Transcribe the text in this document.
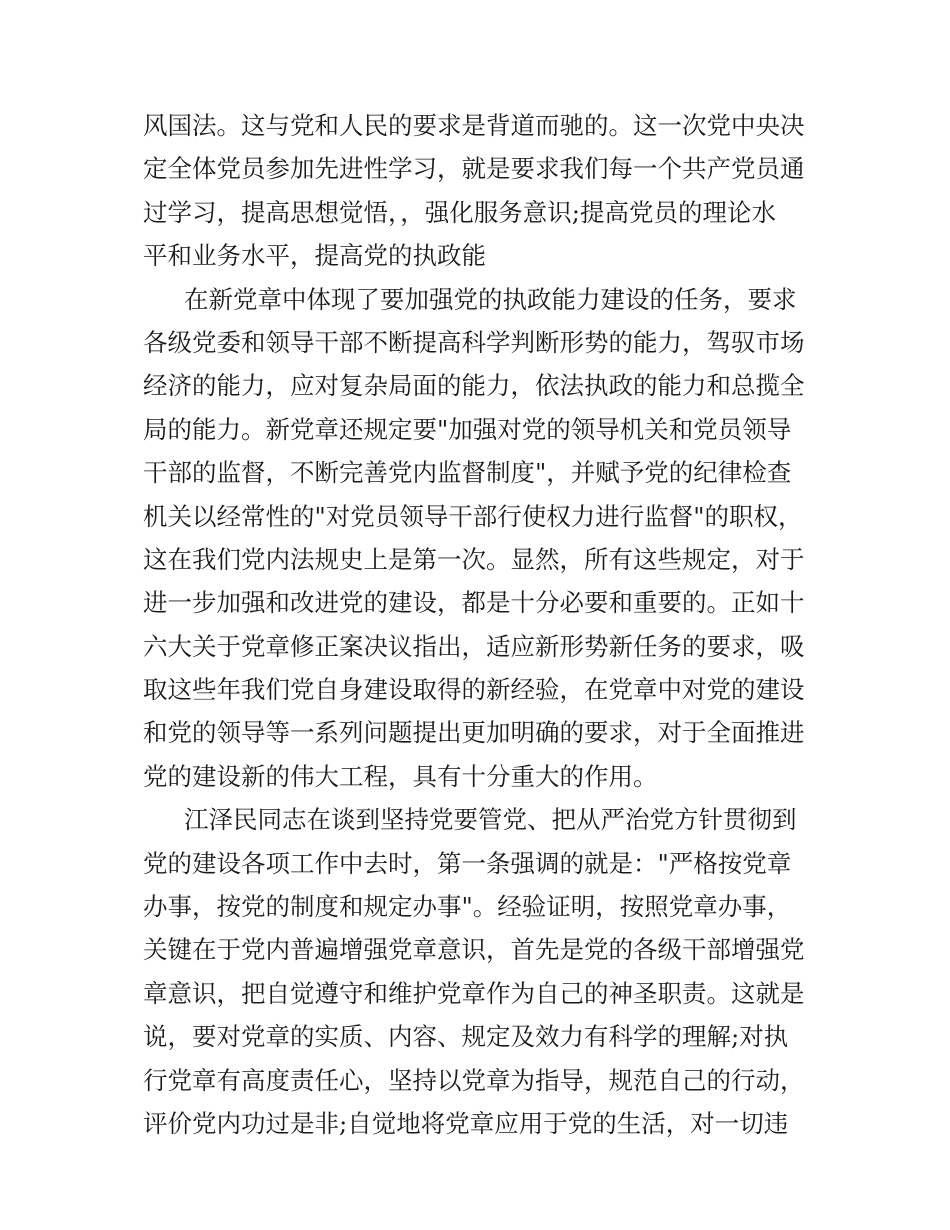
风国法。这与党和人民的要求是背道而驰的。这一次党中央决
定全体党员参加先进性学习，就是要求我们每一个共产党员通
过学习，提高思想觉悟，，强化服务意识;提高党员的理论水
平和业务水平，提高党的执政能
在新党章中体现了要加强党的执政能力建设的任务，要求
各级党委和领导干部不断提高科学判断形势的能力，驾驭市场
经济的能力，应对复杂局面的能力，依法执政的能力和总揽全
局的能力。新党章还规定要"加强对党的领导机关和党员领导
干部的监督，不断完善党内监督制度"，并赋予党的纪律检查
机关以经常性的"对党员领导干部行使权力进行监督"的职权，
这在我们党内法规史上是第一次。显然，所有这些规定，对于
进一步加强和改进党的建设，都是十分必要和重要的。正如十
六大关于党章修正案决议指出，适应新形势新任务的要求，吸
取这些年我们党自身建设取得的新经验，在党章中对党的建设
和党的领导等一系列问题提出更加明确的要求，对于全面推进
党的建设新的伟大工程，具有十分重大的作用。
江泽民同志在谈到坚持党要管党、把从严治党方针贯彻到
党的建设各项工作中去时，第一条强调的就是："严格按党章
办事，按党的制度和规定办事"。经验证明，按照党章办事，
关键在于党内普遍增强党章意识，首先是党的各级干部增强党
章意识，把自觉遵守和维护党章作为自己的神圣职责。这就是
说，要对党章的实质、内容、规定及效力有科学的理解;对执
行党章有高度责任心，坚持以党章为指导，规范自己的行动，
评价党内功过是非;自觉地将党章应用于党的生活，对一切违
